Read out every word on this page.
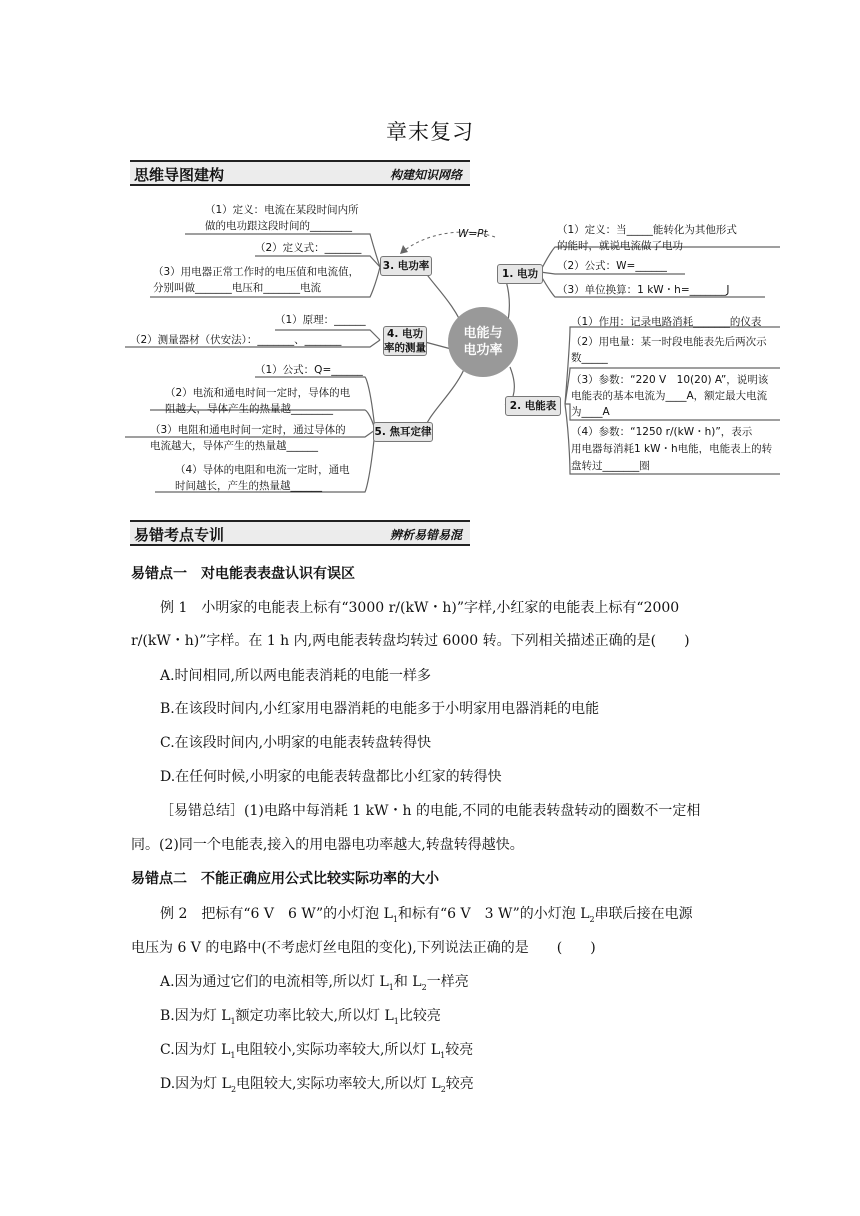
章末复习
思维导图建构	构建知识网络
电能与电功率
W=Pt
1. 电功
（1）定义：当_____能转化为其他形式
的能时，就说电流做了电功
（2）公式：W=______
（3）单位换算：1 kW・h=_______J
2. 电能表
（1）作用：记录电路消耗_______的仪表
（2）用电量：某一时段电能表先后两次示
数_____
（3）参数：“220 V　10(20) A”，说明该
电能表的基本电流为____A，额定最大电流
为____A
（4）参数：“1250 r/(kW・h)”，表示
用电器每消耗1 kW・h电能，电能表上的转
盘转过_______圈
3. 电功率
（1）定义：电流在某段时间内所
做的电功跟这段时间的________
（2）定义式：_______
（3）用电器正常工作时的电压值和电流值，
分别叫做_______电压和_______电流
4. 电功率的测量
（1）原理：______
（2）测量器材（伏安法）：_______、_______
5. 焦耳定律
（1）公式：Q=______
（2）电流和通电时间一定时，导体的电
阻越大，导体产生的热量越________
（3）电阻和通电时间一定时，通过导体的
电流越大，导体产生的热量越______
（4）导体的电阻和电流一定时，通电
时间越长，产生的热量越______
易错考点专训	辨析易错易混
易错点一　对电能表表盘认识有误区
例 1　小明家的电能表上标有“3000 r/(kW・h)”字样,小红家的电能表上标有“2000
r/(kW・h)”字样。在 1 h 内,两电能表转盘均转过 6000 转。下列相关描述正确的是(　　)
A.时间相同,所以两电能表消耗的电能一样多
B.在该段时间内,小红家用电器消耗的电能多于小明家用电器消耗的电能
C.在该段时间内,小明家的电能表转盘转得快
D.在任何时候,小明家的电能表转盘都比小红家的转得快
［易错总结］(1)电路中每消耗 1 kW・h 的电能,不同的电能表转盘转动的圈数不一定相
同。(2)同一个电能表,接入的用电器电功率越大,转盘转得越快。
易错点二　不能正确应用公式比较实际功率的大小
例 2　把标有“6 V　6 W”的小灯泡 $L_1$和标有“6 V　3 W”的小灯泡 $L_2$串联后接在电源
电压为 6 V 的电路中(不考虑灯丝电阻的变化),下列说法正确的是　　(　　)
A.因为通过它们的电流相等,所以灯 $L_1$和 $L_2$一样亮
B.因为灯 $L_1$额定功率比较大,所以灯 $L_1$比较亮
C.因为灯 $L_1$电阻较小,实际功率较大,所以灯 $L_1$较亮
D.因为灯 $L_2$电阻较大,实际功率较大,所以灯 $L_2$较亮
